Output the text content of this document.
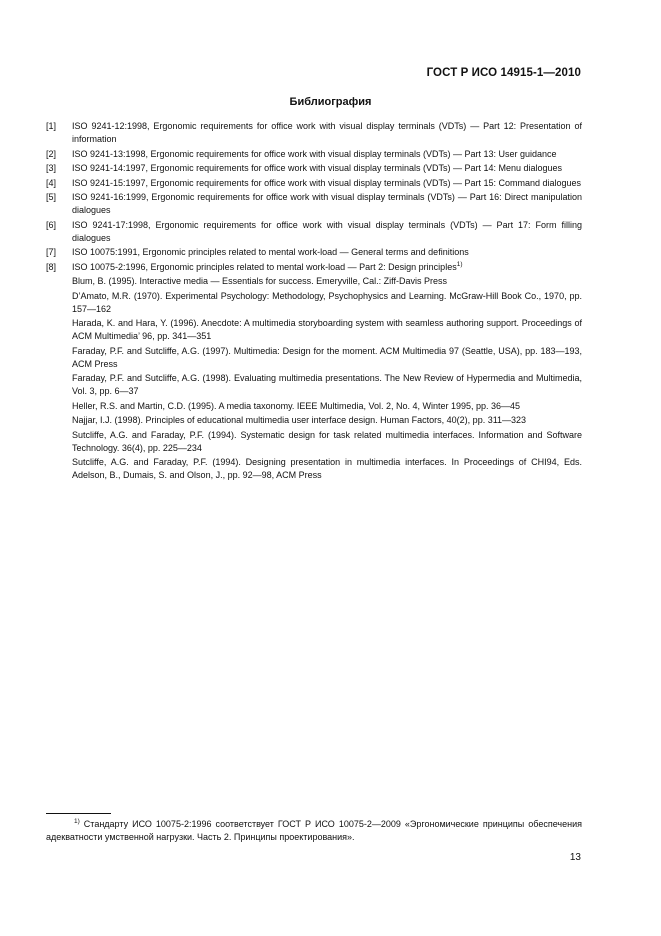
ГОСТ Р ИСО 14915-1—2010
Библиография
[1]	ISO 9241-12:1998, Ergonomic requirements for office work with visual display terminals (VDTs) — Part 12: Presentation of information
[2]	ISO 9241-13:1998, Ergonomic requirements for office work with visual display terminals (VDTs) — Part 13: User guidance
[3]	ISO 9241-14:1997, Ergonomic requirements for office work with visual display terminals (VDTs) — Part 14: Menu dialogues
[4]	ISO 9241-15:1997, Ergonomic requirements for office work with visual display terminals (VDTs) — Part 15: Command dialogues
[5]	ISO 9241-16:1999, Ergonomic requirements for office work with visual display terminals (VDTs) — Part 16: Direct manipulation dialogues
[6]	ISO 9241-17:1998, Ergonomic requirements for office work with visual display terminals (VDTs) — Part 17: Form filling dialogues
[7]	ISO 10075:1991, Ergonomic principles related to mental work-load — General terms and definitions
[8]	ISO 10075-2:1996, Ergonomic principles related to mental work-load — Part 2: Design principles$^{1)}$
Blum, B. (1995). Interactive media — Essentials for success. Emeryville, Cal.: Ziff-Davis Press
D’Amato, M.R. (1970). Experimental Psychology: Methodology, Psychophysics and Learning. McGraw-Hill Book Co., 1970, pp. 157—162
Harada, K. and Hara, Y. (1996). Anecdote: A multimedia storyboarding system with seamless authoring support. Proceedings of ACM Multimedia’ 96, pp. 341—351
Faraday, P.F. and Sutcliffe, A.G. (1997). Multimedia: Design for the moment. ACM Multimedia 97 (Seattle, USA), pp. 183—193, ACM Press
Faraday, P.F. and Sutcliffe, A.G. (1998). Evaluating multimedia presentations. The New Review of Hypermedia and Multimedia, Vol. 3, pp. 6—37
Heller, R.S. and Martin, C.D. (1995). A media taxonomy. IEEE Multimedia, Vol. 2, No. 4, Winter 1995, pp. 36—45
Najjar, I.J. (1998). Principles of educational multimedia user interface design. Human Factors, 40(2), pp. 311—323
Sutcliffe, A.G. and Faraday, P.F. (1994). Systematic design for task related multimedia interfaces. Information and Software Technology. 36(4), pp. 225—234
Sutcliffe, A.G. and Faraday, P.F. (1994). Designing presentation in multimedia interfaces. In Proceedings of CHI94, Eds. Adelson, B., Dumais, S. and Olson, J., pp. 92—98, ACM Press
$^{1)}$ Стандарту ИСО 10075-2:1996 соответствует ГОСТ Р ИСО 10075-2—2009 «Эргономические принципы обеспечения адекватности умственной нагрузки. Часть 2. Принципы проектирования».
13
